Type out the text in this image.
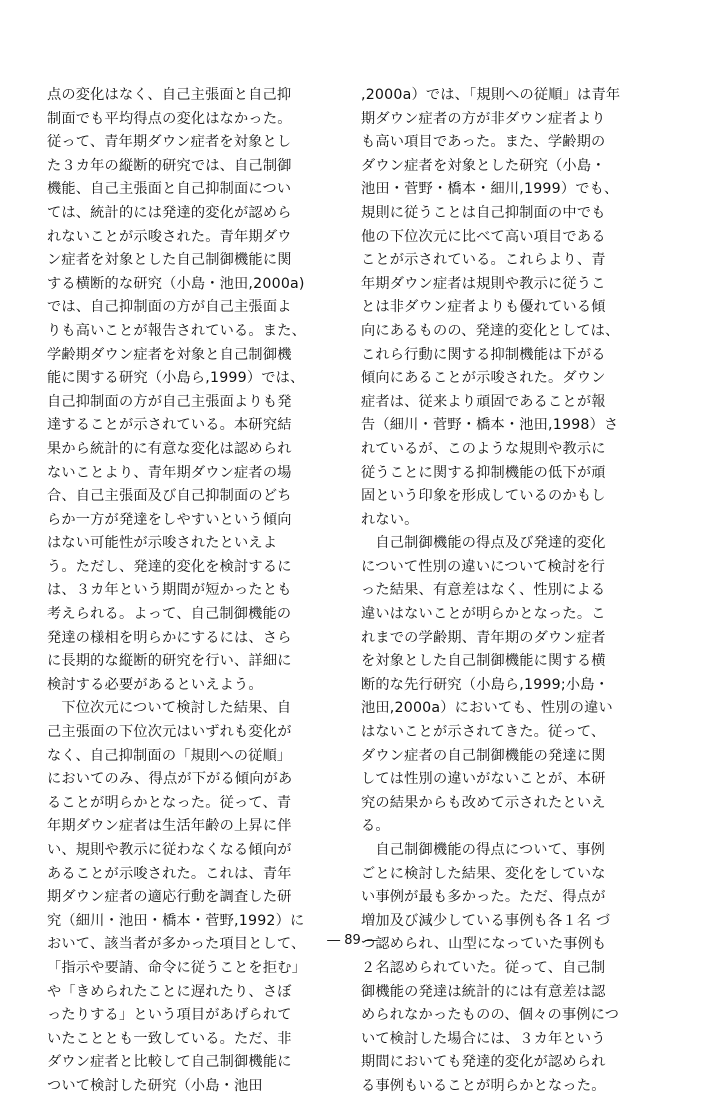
点の変化はなく、自己主張面と自己抑
制面でも平均得点の変化はなかった。
従って、青年期ダウン症者を対象とし
た３カ年の縦断的研究では、自己制御
機能、自己主張面と自己抑制面につい
ては、統計的には発達的変化が認めら
れないことが示唆された。青年期ダウ
ン症者を対象とした自己制御機能に関
する横断的な研究（小島・池田,2000a)
では、自己抑制面の方が自己主張面よ
りも高いことが報告されている。また、
学齢期ダウン症者を対象と自己制御機
能に関する研究（小島ら,1999）では、
自己抑制面の方が自己主張面よりも発
達することが示されている。本研究結
果から統計的に有意な変化は認められ
ないことより、青年期ダウン症者の場
合、自己主張面及び自己抑制面のどち
らか一方が発達をしやすいという傾向
はない可能性が示唆されたといえよ
う。ただし、発達的変化を検討するに
は、３カ年という期間が短かったとも
考えられる。よって、自己制御機能の
発達の様相を明らかにするには、さら
に長期的な縦断的研究を行い、詳細に
検討する必要があるといえよう。
　下位次元について検討した結果、自
己主張面の下位次元はいずれも変化が
なく、自己抑制面の「規則への従順」
においてのみ、得点が下がる傾向があ
ることが明らかとなった。従って、青
年期ダウン症者は生活年齢の上昇に伴
い、規則や教示に従わなくなる傾向が
あることが示唆された。これは、青年
期ダウン症者の適応行動を調査した研
究（細川・池田・橋本・菅野,1992）に
おいて、該当者が多かった項目として、
「指示や要請、命令に従うことを拒む」
や「きめられたことに遅れたり、さぼ
ったりする」という項目があげられて
いたこととも一致している。ただ、非
ダウン症者と比較して自己制御機能に
ついて検討した研究（小島・池田
,2000a）では、「規則への従順」は青年
期ダウン症者の方が非ダウン症者より
も高い項目であった。また、学齢期の
ダウン症者を対象とした研究（小島・
池田・菅野・橋本・細川,1999）でも、
規則に従うことは自己抑制面の中でも
他の下位次元に比べて高い項目である
ことが示されている。これらより、青
年期ダウン症者は規則や教示に従うこ
とは非ダウン症者よりも優れている傾
向にあるものの、発達的変化としては、
これら行動に関する抑制機能は下がる
傾向にあることが示唆された。ダウン
症者は、従来より頑固であることが報
告（細川・菅野・橋本・池田,1998）さ
れているが、このような規則や教示に
従うことに関する抑制機能の低下が頑
固という印象を形成しているのかもし
れない。
　自己制御機能の得点及び発達的変化
について性別の違いについて検討を行
った結果、有意差はなく、性別による
違いはないことが明らかとなった。こ
れまでの学齢期、青年期のダウン症者
を対象とした自己制御機能に関する横
断的な先行研究（小島ら,1999;小島・
池田,2000a）においても、性別の違い
はないことが示されてきた。従って、
ダウン症者の自己制御機能の発達に関
しては性別の違いがないことが、本研
究の結果からも改めて示されたといえ
る。
　自己制御機能の得点について、事例
ごとに検討した結果、変化をしていな
い事例が最も多かった。ただ、得点が
増加及び減少している事例も各１名 づ
つ認められ、山型になっていた事例も
２名認められていた。従って、自己制
御機能の発達は統計的には有意差は認
められなかったものの、個々の事例につ
いて検討した場合には、３カ年という
期間においても発達的変化が認められ
る事例もいることが明らかとなった。
― 89 ―
